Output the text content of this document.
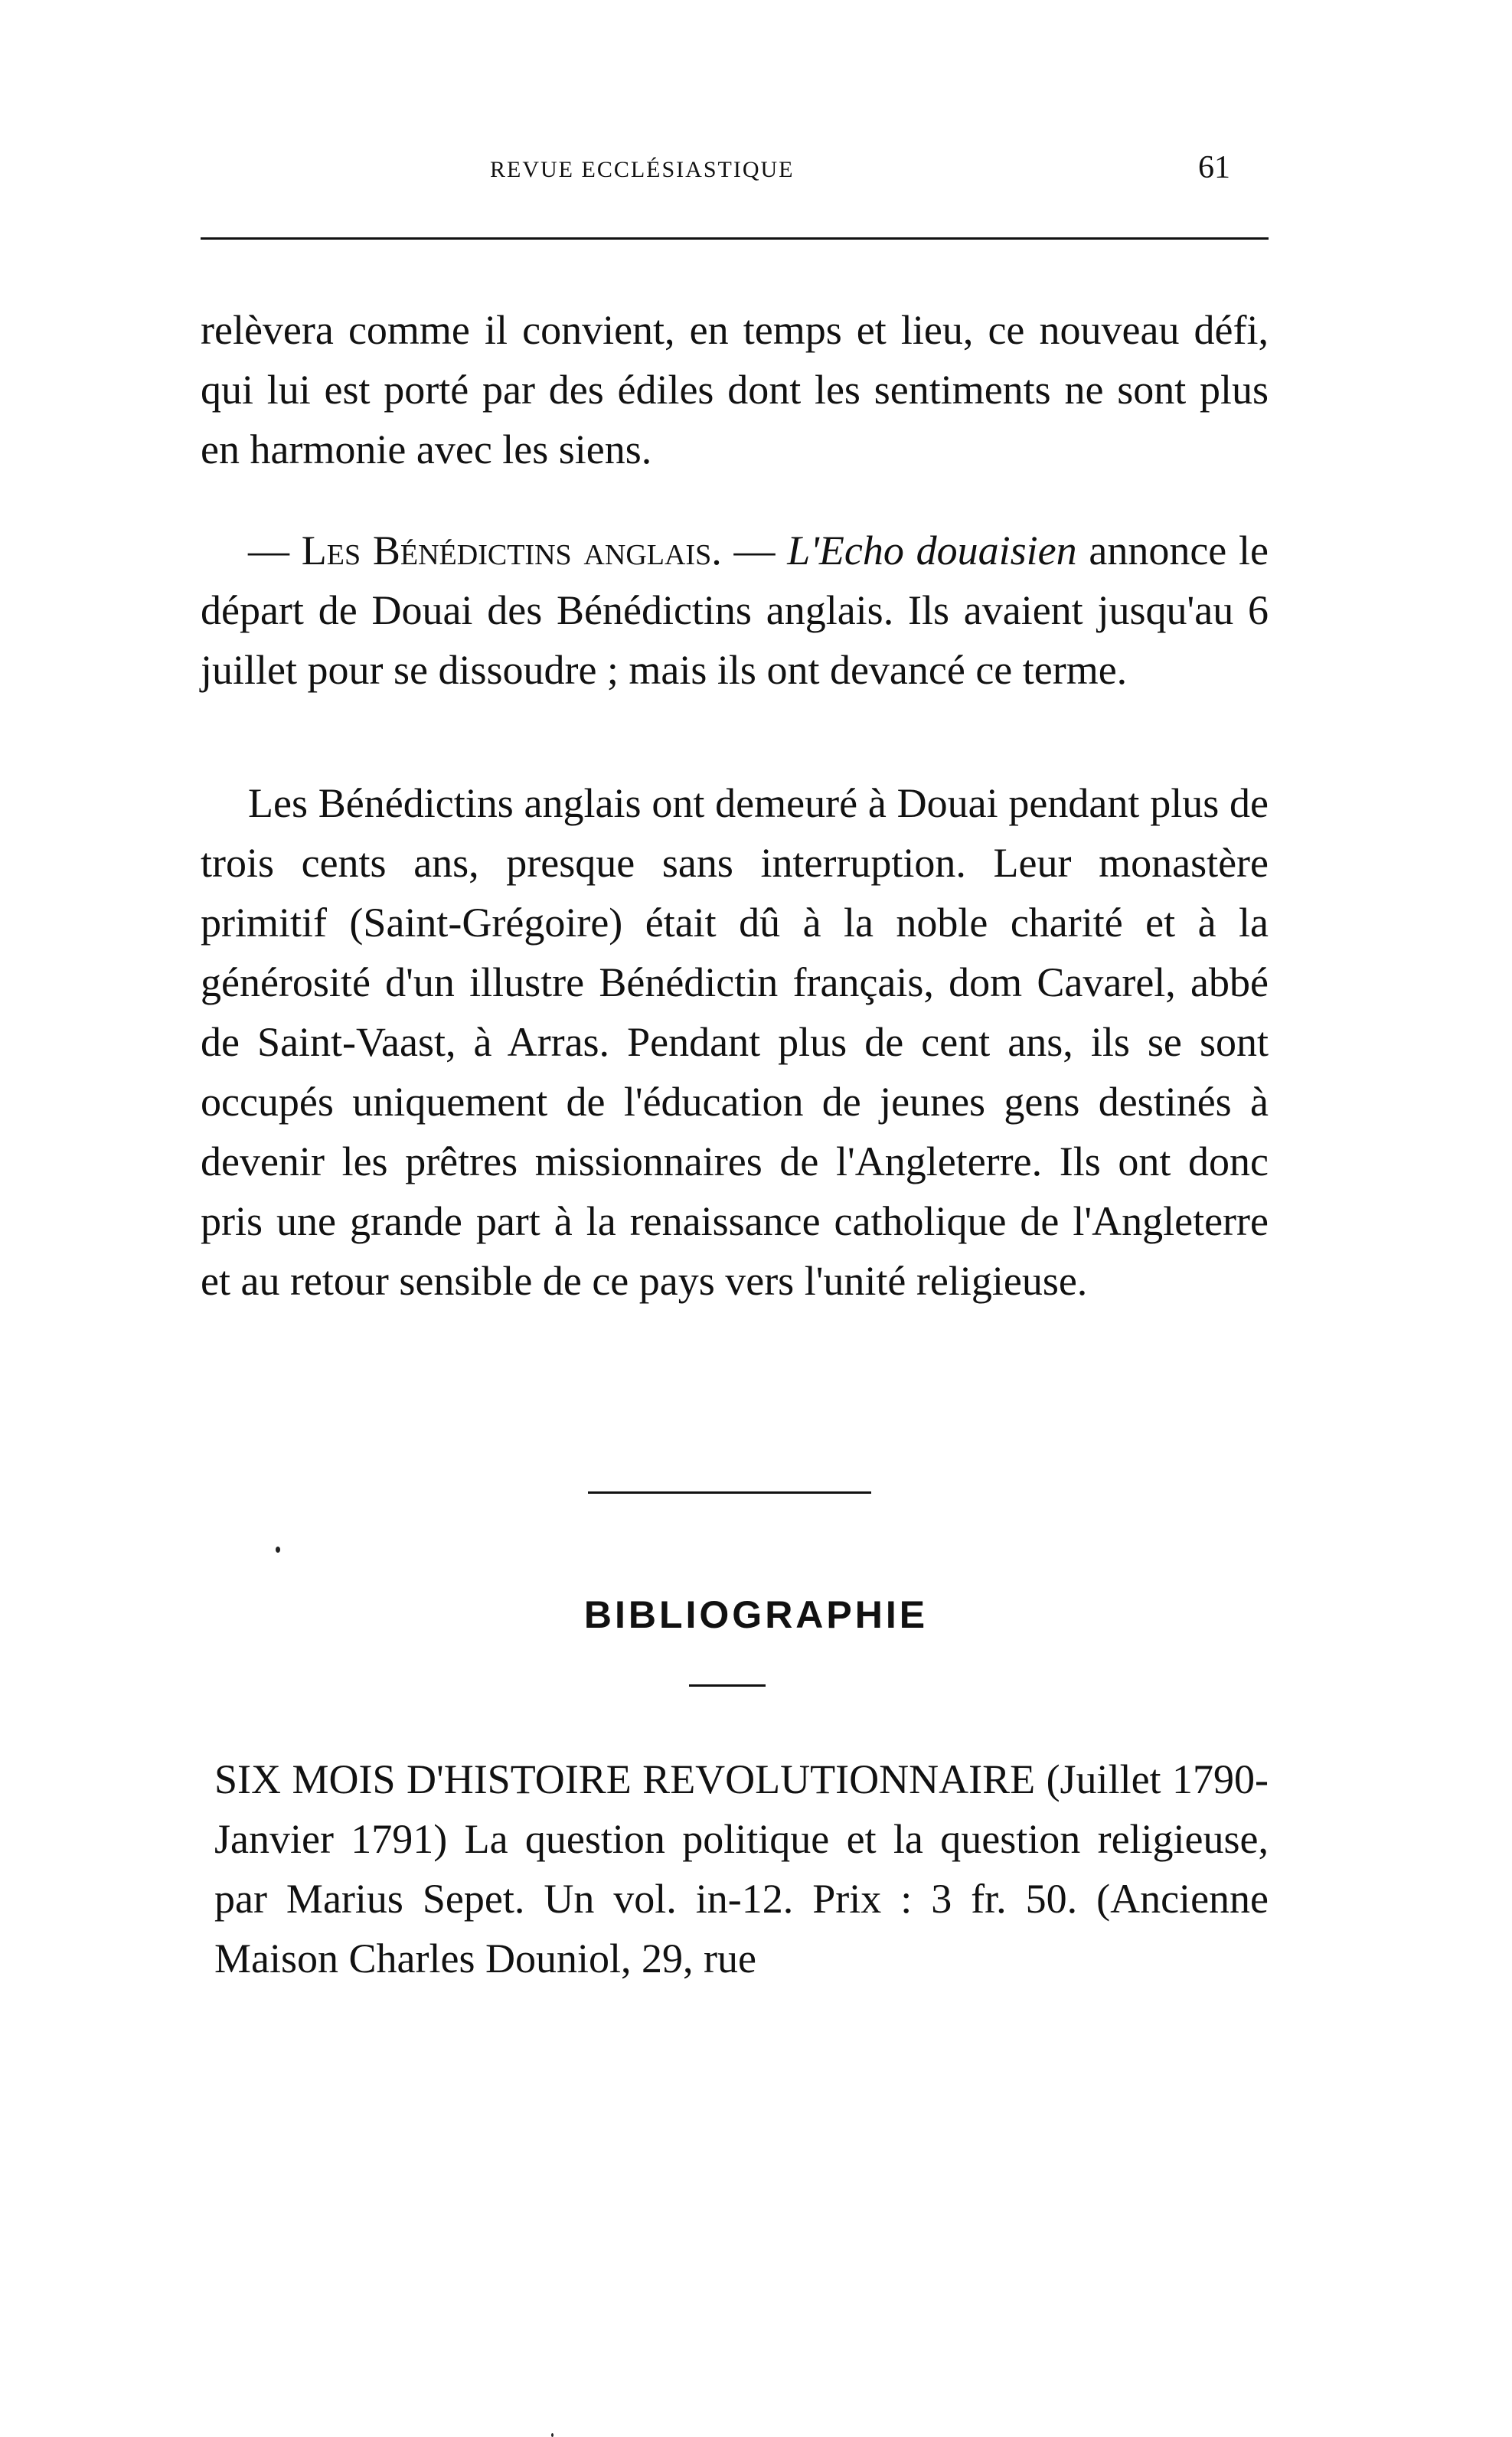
REVUE ECCLÉSIASTIQUE	61

relèvera comme il convient, en temps et lieu, ce nouveau défi, qui lui est porté par des édiles dont les sentiments ne sont plus en harmonie avec les siens.

— Les Bénédictins anglais. — L'Echo douaisien annonce le départ de Douai des Bénédictins anglais. Ils avaient jusqu'au 6 juillet pour se dissoudre ; mais ils ont devancé ce terme.

Les Bénédictins anglais ont demeuré à Douai pendant plus de trois cents ans, presque sans interruption. Leur monastère primitif (Saint-Grégoire) était dû à la noble charité et à la générosité d'un illustre Bénédictin français, dom Cavarel, abbé de Saint-Vaast, à Arras. Pendant plus de cent ans, ils se sont occupés uniquement de l'éducation de jeunes gens destinés à devenir les prêtres missionnaires de l'Angleterre. Ils ont donc pris une grande part à la renaissance catholique de l'Angleterre et au retour sensible de ce pays vers l'unité religieuse.

BIBLIOGRAPHIE

SIX MOIS D'HISTOIRE REVOLUTIONNAIRE (Juillet 1790-Janvier 1791) La question politique et la question religieuse, par Marius Sepet. Un vol. in-12. Prix : 3 fr. 50. (Ancienne Maison Charles Douniol, 29, rue
